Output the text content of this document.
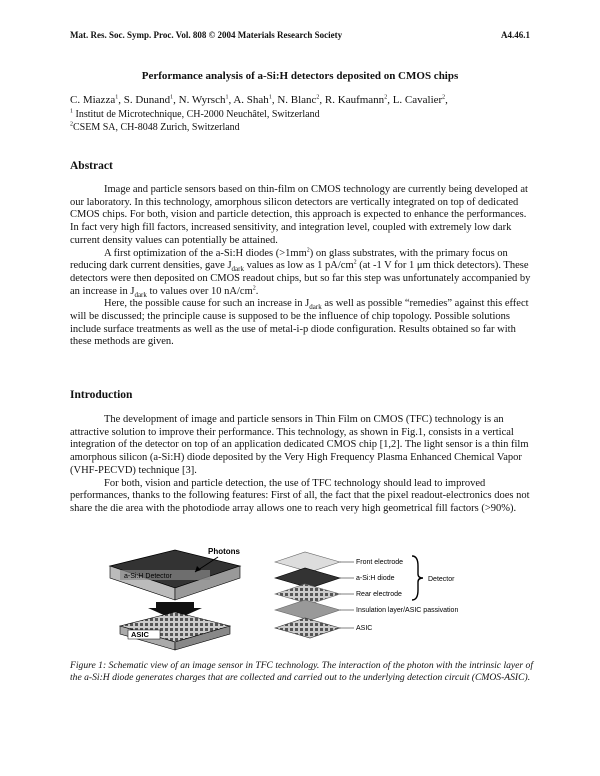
Mat. Res. Soc. Symp. Proc. Vol. 808 © 2004 Materials Research Society	A4.46.1
Performance analysis of a-Si:H detectors deposited on CMOS chips
C. Miazza$^1$, S. Dunand$^1$, N. Wyrsch$^1$, A. Shah$^1$, N. Blanc$^2$, R. Kaufmann$^2$, L. Cavalier$^2$,
$^1$ Institut de Microtechnique, CH-2000 Neuchâtel, Switzerland
$^2$CSEM SA, CH-8048 Zurich, Switzerland
Abstract

Image and particle sensors based on thin-film on CMOS technology are currently being developed at our laboratory. In this technology, amorphous silicon detectors are vertically integrated on top of dedicated CMOS chips. For both, vision and particle detection, this approach is expected to enhance the performances. In fact very high fill factors, increased sensitivity, and integration level, coupled with extremely low dark current density values can potentially be attained.

A first optimization of the a-Si:H diodes $(>1mm^2)$ on glass substrates, with the primary focus on reducing dark current densities, gave $J_{dark}$ values as low as 1 $pA/cm^2$ (at -1 V for 1 μm thick detectors). These detectors were then deposited on CMOS readout chips, but so far this step was unfortunately accompanied by an increase in $J_{dark}$ to values over 10 $nA/cm^2$.

Here, the possible cause for such an increase in $J_{dark}$ as well as possible “remedies” against this effect will be discussed; the principle cause is supposed to be the influence of chip topology. Possible solutions include surface treatments as well as the use of metal-i-p diode configuration. Results obtained so far with these methods are given.

Introduction

The development of image and particle sensors in Thin Film on CMOS (TFC) technology is an attractive solution to improve their performance. This technology, as shown in Fig.1, consists in a vertical integration of the detector on top of an application dedicated CMOS chip [1,2]. The light sensor is a thin film amorphous silicon (a-Si:H) diode deposited by the Very High Frequency Plasma Enhanced Chemical Vapor (VHF-PECVD) technique [3].

For both, vision and particle detection, the use of TFC technology should lead to improved performances, thanks to the following features: First of all, the fact that the pixel readout-electronics does not share the die area with the photodiode array allows one to reach very high geometrical fill factors (>90%).

a-Si:H Detector
Photons
ASIC
Front electrode
a-Si:H diode
Rear electrode
Insulation layer/ASIC passivation
ASIC
Detector
Figure 1: Schematic view of an image sensor in TFC technology. The interaction of the photon with the intrinsic layer of the a-Si:H diode generates charges that are collected and carried out to the underlying detection circuit (CMOS-ASIC).
